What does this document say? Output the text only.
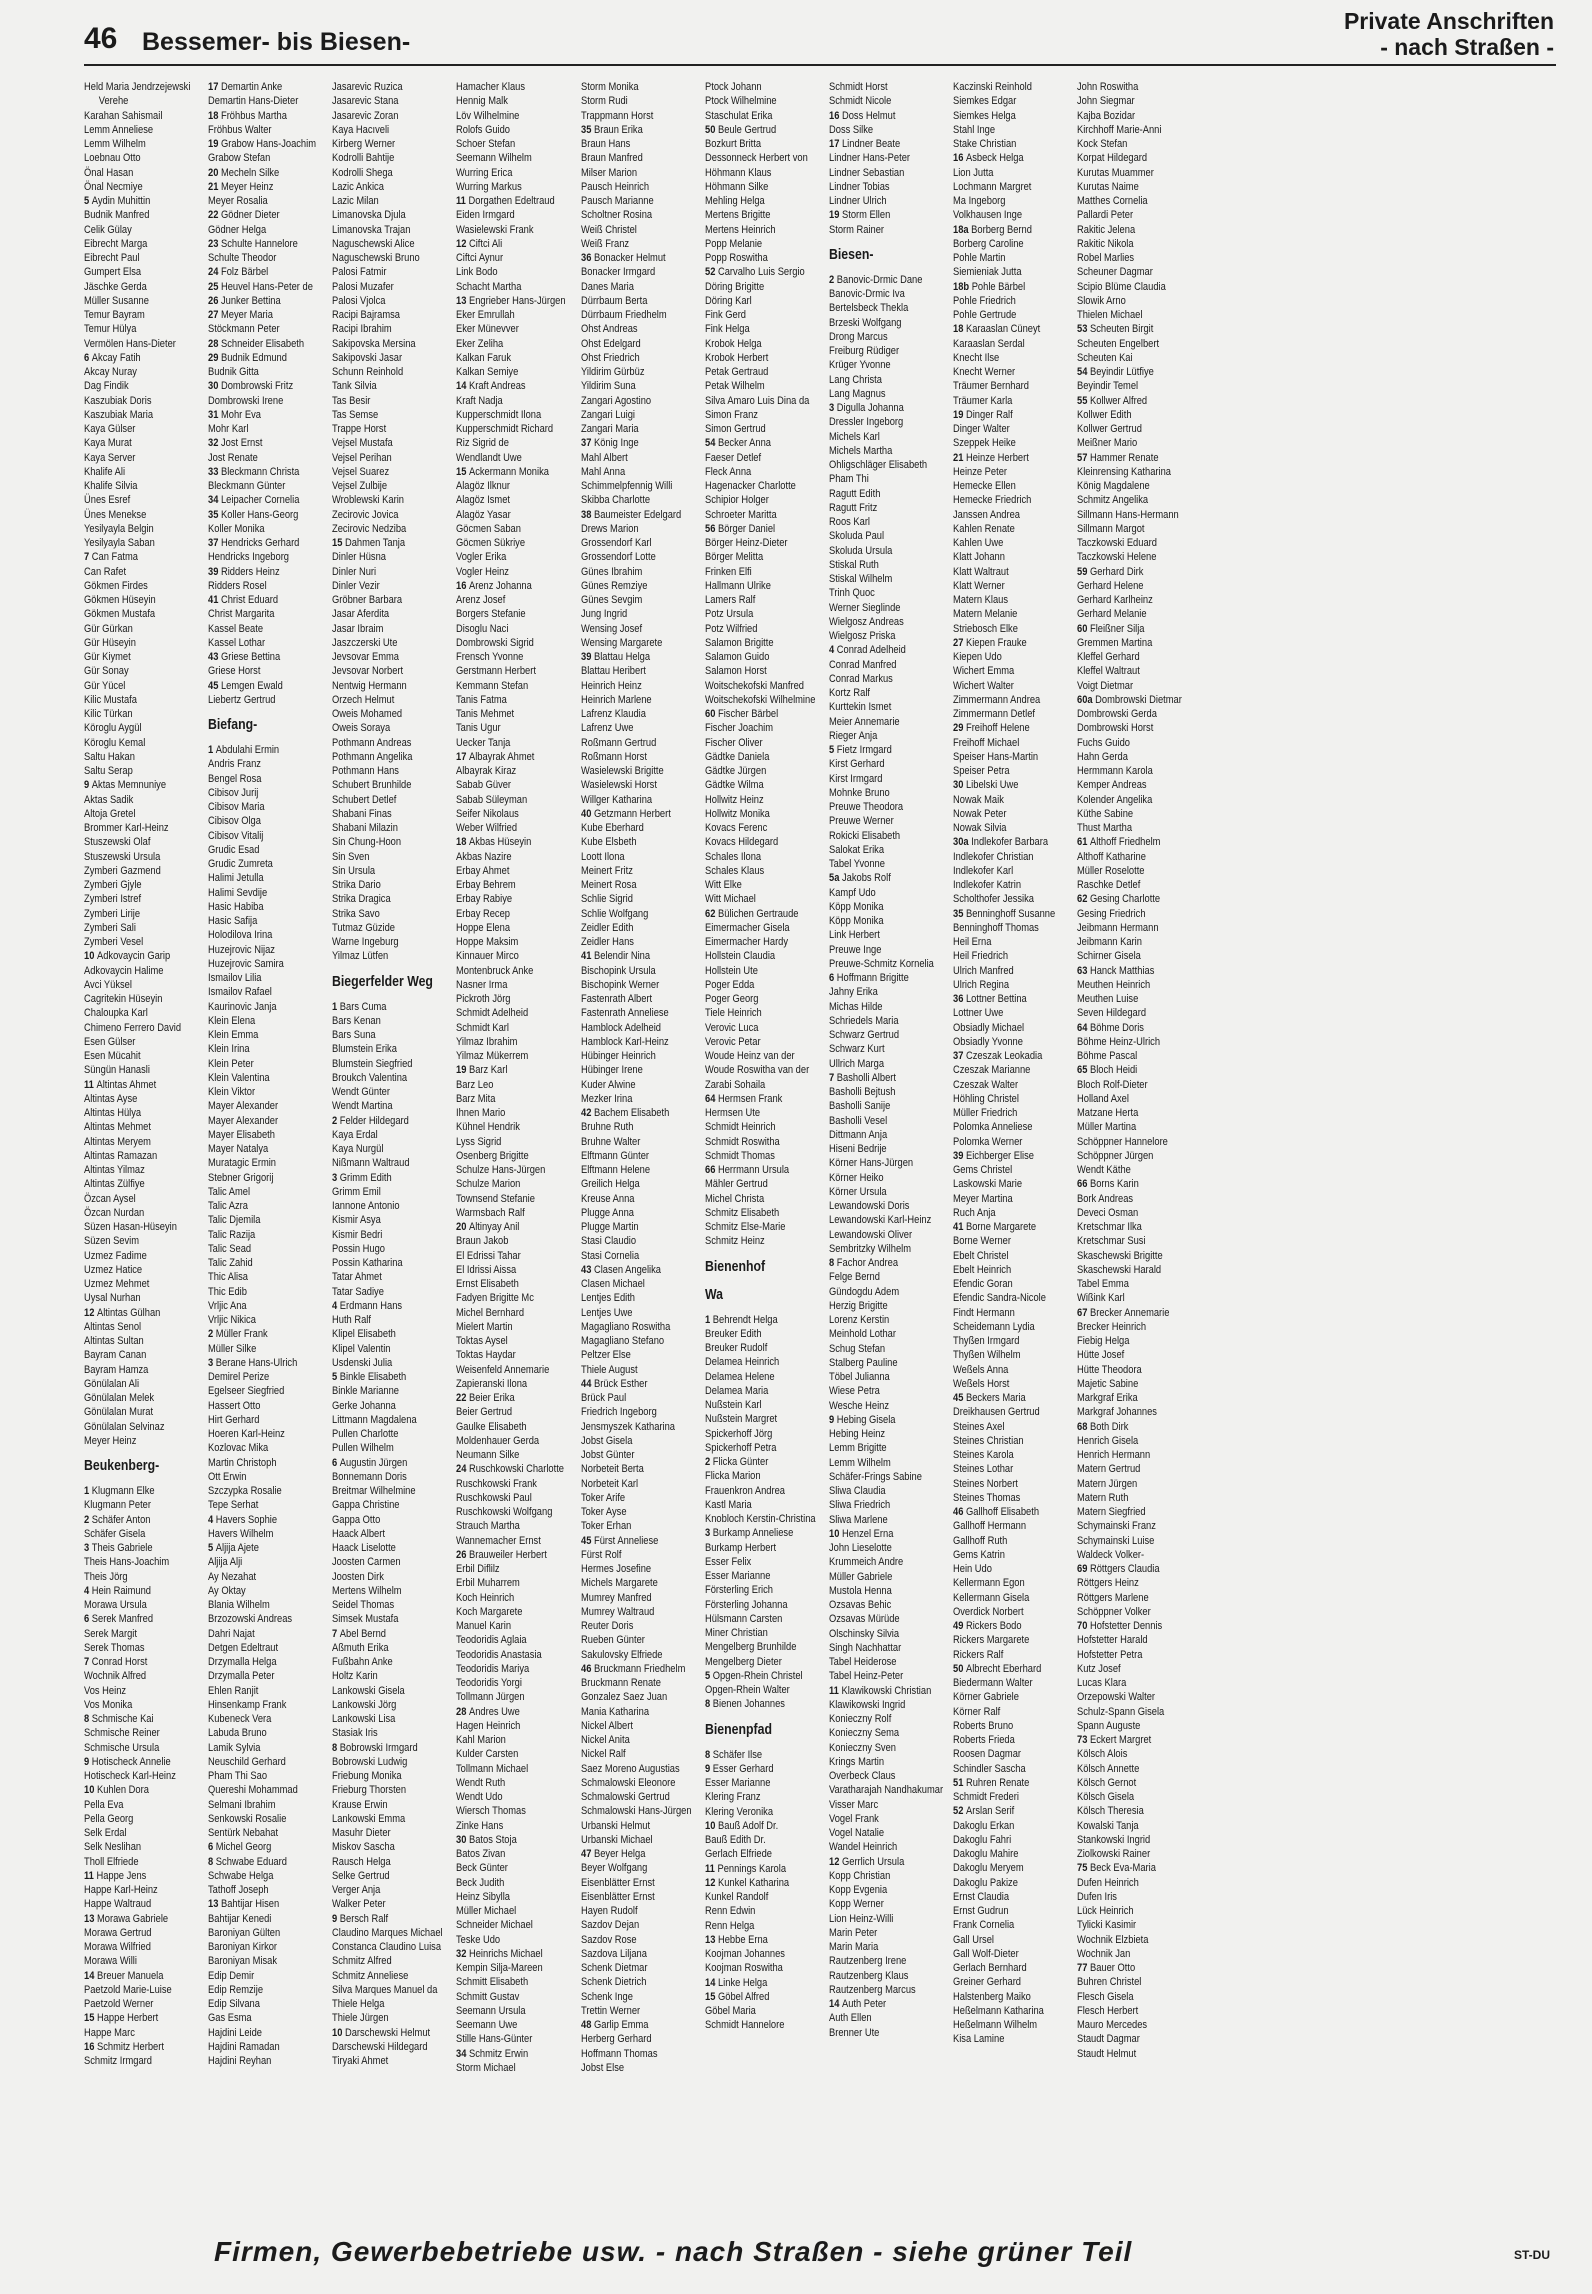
46 Bessemer- bis Biesen-
Private Anschriften
- nach Straßen -
Held Maria Jendrzejewski
Verehe
Karahan Sahismail
Lemm Anneliese
Lemm Wilhelm
Loebnau Otto
Önal Hasan
Önal Necmiye
5 Aydin Muhittin
Budnik Manfred
Celik Gülay
Eibrecht Marga
Eibrecht Paul
Gumpert Elsa
Jäschke Gerda
Müller Susanne
Temur Bayram
Temur Hülya
Vermölen Hans-Dieter
6 Akcay Fatih
Akcay Nuray
Dag Findik
Kaszubiak Doris
Kaszubiak Maria
Kaya Gülser
Kaya Murat
Kaya Server
Khalife Ali
Khalife Silvia
Ünes Esref
Ünes Menekse
Yesilyayla Belgin
Yesilyayla Saban
7 Can Fatma
Can Rafet
Gökmen Firdes
Gökmen Hüseyin
Gökmen Mustafa
Gür Gürkan
Gür Hüseyin
Gür Kiymet
Gür Sonay
Gür Yücel
Kilic Mustafa
Kilic Türkan
Köroglu Aygül
Köroglu Kemal
Saltu Hakan
Saltu Serap
9 Aktas Memnuniye
Aktas Sadik
Altoja Gretel
Brommer Karl-Heinz
Stuszewski Olaf
Stuszewski Ursula
Zymberi Gazmend
Zymberi Gjyle
Zymberi Istref
Zymberi Lirije
Zymberi Sali
Zymberi Vesel
10 Adkovaycin Garip
Adkovaycin Halime
Avci Yüksel
Cagritekin Hüseyin
Chaloupka Karl
Chimeno Ferrero David
Esen Gülser
Esen Mücahit
Süngün Hanasli
11 Altintas Ahmet
Altintas Ayse
Altintas Hülya
Altintas Mehmet
Altintas Meryem
Altintas Ramazan
Altintas Yilmaz
Altintas Zülfiye
Özcan Aysel
Özcan Nurdan
Süzen Hasan-Hüseyin
Süzen Sevim
Uzmez Fadime
Uzmez Hatice
Uzmez Mehmet
Uysal Nurhan
12 Altintas Gülhan
Altintas Senol
Altintas Sultan
Bayram Canan
Bayram Hamza
Gönülalan Ali
Gönülalan Melek
Gönülalan Murat
Gönülalan Selvinaz
Meyer Heinz
Beukenberg-
1 Klugmann Elke
Klugmann Peter
2 Schäfer Anton
Schäfer Gisela
3 Theis Gabriele
Theis Hans-Joachim
Theis Jörg
4 Hein Raimund
Morawa Ursula
6 Serek Manfred
Serek Margit
Serek Thomas
7 Conrad Horst
Wochnik Alfred
Vos Heinz
Vos Monika
8 Schmische Kai
Schmische Reiner
Schmische Ursula
9 Hotischeck Annelie
Hotischeck Karl-Heinz
10 Kuhlen Dora
Pella Eva
Pella Georg
Selk Erdal
Selk Neslihan
Tholl Elfriede
11 Happe Jens
Happe Karl-Heinz
Happe Waltraud
13 Morawa Gabriele
Morawa Gertrud
Morawa Wilfried
Morawa Willi
14 Breuer Manuela
Paetzold Marie-Luise
Paetzold Werner
15 Happe Herbert
Happe Marc
16 Schmitz Herbert
Schmitz Irmgard
17 Demartin Anke
Demartin Hans-Dieter
18 Fröhbus Martha
Fröhbus Walter
19 Grabow Hans-Joachim
Grabow Stefan
20 Mecheln Silke
21 Meyer Heinz
Meyer Rosalia
22 Gödner Dieter
Gödner Helga
23 Schulte Hannelore
Schulte Theodor
24 Folz Bärbel
25 Heuvel Hans-Peter de
26 Junker Bettina
27 Meyer Maria
Stöckmann Peter
28 Schneider Elisabeth
29 Budnik Edmund
Budnik Gitta
30 Dombrowski Fritz
Dombrowski Irene
31 Mohr Eva
Mohr Karl
32 Jost Ernst
Jost Renate
33 Bleckmann Christa
Bleckmann Günter
34 Leipacher Cornelia
35 Koller Hans-Georg
Koller Monika
37 Hendricks Gerhard
Hendricks Ingeborg
39 Ridders Heinz
Ridders Rosel
41 Christ Eduard
Christ Margarita
Kassel Beate
Kassel Lothar
43 Griese Bettina
Griese Horst
45 Lemgen Ewald
Liebertz Gertrud
Biefang-
1 Abdulahi Ermin
Andris Franz
Bengel Rosa
Cibisov Jurij
Cibisov Maria
Cibisov Olga
Cibisov Vitalij
Grudic Esad
Grudic Zumreta
Halimi Jetulla
Halimi Sevdije
Hasic Habiba
Hasic Safija
Holodilova Irina
Huzejrovic Nijaz
Huzejrovic Samira
Ismailov Lilia
Ismailov Rafael
Kaurinovic Janja
Klein Elena
Klein Emma
Klein Irina
Klein Peter
Klein Valentina
Klein Viktor
Mayer Alexander
Mayer Alexander
Mayer Elisabeth
Mayer Natalya
Muratagic Ermin
Stebner Grigorij
Talic Amel
Talic Azra
Talic Djemila
Talic Razija
Talic Sead
Talic Zahid
Thic Alisa
Thic Edib
Vrljic Ana
Vrljic Nikica
2 Müller Frank
Müller Silke
3 Berane Hans-Ulrich
Demirel Perize
Egelseer Siegfried
Hassert Otto
Hirt Gerhard
Hoeren Karl-Heinz
Kozlovac Mika
Martin Christoph
Ott Erwin
Szczypka Rosalie
Tepe Serhat
4 Havers Sophie
Havers Wilhelm
5 Aljija Ajete
Aljija Alji
Ay Nezahat
Ay Oktay
Blania Wilhelm
Brzozowski Andreas
Dahri Najat
Detgen Edeltraut
Drzymalla Helga
Drzymalla Peter
Ehlen Ranjit
Hinsenkamp Frank
Kubeneck Vera
Labuda Bruno
Lamik Sylvia
Neuschild Gerhard
Pham Thi Sao
Quereshi Mohammad
Selmani Ibrahim
Senkowski Rosalie
Sentürk Nebahat
6 Michel Georg
8 Schwabe Eduard
Schwabe Helga
Tathoff Joseph
13 Bahtijar Hisen
Bahtijar Kenedi
Baroniyan Gülten
Baroniyan Kirkor
Baroniyan Misak
Edip Demir
Edip Remzije
Edip Silvana
Gas Esma
Hajdini Leide
Hajdini Ramadan
Hajdini Reyhan
Jasarevic Ruzica
Jasarevic Stana
Jasarevic Zoran
Kaya Hacıveli
Kirberg Werner
Kodrolli Bahtije
Kodrolli Shega
Lazic Ankica
Lazic Milan
Limanovska Djula
Limanovska Trajan
Naguschewski Alice
Naguschewski Bruno
Palosi Fatmir
Palosi Muzafer
Palosi Vjolca
Racipi Bajramsa
Racipi Ibrahim
Sakipovska Mersina
Sakipovski Jasar
Schunn Reinhold
Tank Silvia
Tas Besir
Tas Semse
Trappe Horst
Vejsel Mustafa
Vejsel Perihan
Vejsel Suarez
Vejsel Zulbije
Wroblewski Karin
Zecirovic Jovica
Zecirovic Nedziba
15 Dahmen Tanja
Dinler Hüsna
Dinler Nuri
Dinler Vezir
Gröbner Barbara
Jasar Aferdita
Jasar Ibraim
Jaszczerski Ute
Jevsovar Emma
Jevsovar Norbert
Nentwig Hermann
Orzech Helmut
Oweis Mohamed
Oweis Soraya
Pothmann Andreas
Pothmann Angelika
Pothmann Hans
Schubert Brunhilde
Schubert Detlef
Shabani Finas
Shabani Milazin
Sin Chung-Hoon
Sin Sven
Sin Ursula
Strika Dario
Strika Dragica
Strika Savo
Tutmaz Güzide
Warne Ingeburg
Yilmaz Lütfen
Biegerfelder Weg
1 Bars Cuma
Bars Kenan
Bars Suna
Blumstein Erika
Blumstein Siegfried
Broukch Valentina
Wendt Günter
Wendt Martina
2 Felder Hildegard
Kaya Erdal
Kaya Nurgül
Nißmann Waltraud
3 Grimm Edith
Grimm Emil
Iannone Antonio
Kismir Asya
Kismir Bedri
Possin Hugo
Possin Katharina
Tatar Ahmet
Tatar Sadiye
4 Erdmann Hans
Huth Ralf
Klipel Elisabeth
Klipel Valentin
Usdenski Julia
5 Binkle Elisabeth
Binkle Marianne
Gerke Johanna
Littmann Magdalena
Pullen Charlotte
Pullen Wilhelm
6 Augustin Jürgen
Bonnemann Doris
Breitmar Wilhelmine
Gappa Christine
Gappa Otto
Haack Albert
Haack Liselotte
Joosten Carmen
Joosten Dirk
Mertens Wilhelm
Seidel Thomas
Simsek Mustafa
7 Abel Bernd
Aßmuth Erika
Fußbahn Anke
Holtz Karin
Lankowski Gisela
Lankowski Jörg
Lankowski Lisa
Stasiak Iris
8 Bobrowski Irmgard
Bobrowski Ludwig
Friebung Monika
Frieburg Thorsten
Krause Erwin
Lankowski Emma
Masuhr Dieter
Miskov Sascha
Rausch Helga
Selke Gertrud
Verger Anja
Walker Peter
9 Bersch Ralf
Claudino Marques Michael
Constanca Claudino Luisa
Schmitz Alfred
Schmitz Anneliese
Silva Marques Manuel da
Thiele Helga
Thiele Jürgen
10 Darschewski Helmut
Darschewski Hildegard
Tiryaki Ahmet
Hamacher Klaus
Hennig Malk
Löv Wilhelmine
Rolofs Guido
Schoer Stefan
Seemann Wilhelm
Wurring Erica
Wurring Markus
11 Dorgathen Edeltraud
Eiden Irmgard
Wasielewski Frank
12 Ciftci Ali
Ciftci Aynur
Link Bodo
Schacht Martha
13 Engrieber Hans-Jürgen
Eker Emrullah
Eker Münevver
Eker Zeliha
Kalkan Faruk
Kalkan Semiye
14 Kraft Andreas
Kraft Nadja
Kupperschmidt Ilona
Kupperschmidt Richard
Riz Sigrid de
Wendlandt Uwe
15 Ackermann Monika
Alagöz Ilknur
Alagöz Ismet
Alagöz Yasar
Göcmen Saban
Göcmen Sükriye
Vogler Erika
Vogler Heinz
16 Arenz Johanna
Arenz Josef
Borgers Stefanie
Disoglu Naci
Dombrowski Sigrid
Frensch Yvonne
Gerstmann Herbert
Kemmann Stefan
Tanis Fatma
Tanis Mehmet
Tanis Ugur
Uecker Tanja
17 Albayrak Ahmet
Albayrak Kiraz
Sabab Güver
Sabab Süleyman
Seifer Nikolaus
Weber Wilfried
18 Akbas Hüseyin
Akbas Nazire
Erbay Ahmet
Erbay Behrem
Erbay Rabiye
Erbay Recep
Hoppe Elena
Hoppe Maksim
Kinnauer Mirco
Montenbruck Anke
Nasner Irma
Pickroth Jörg
Schmidt Adelheid
Schmidt Karl
Yilmaz Ibrahim
Yilmaz Mükerrem
19 Barz Karl
Barz Leo
Barz Mita
Ihnen Mario
Kühnel Hendrik
Lyss Sigrid
Osenberg Brigitte
Schulze Hans-Jürgen
Schulze Marion
Townsend Stefanie
Warmsbach Ralf
20 Altinyay Anil
Braun Jakob
El Edrissi Tahar
El Idrissi Aissa
Ernst Elisabeth
Fadyen Brigitte Mc
Michel Bernhard
Mielert Martin
Toktas Aysel
Toktas Haydar
Weisenfeld Annemarie
Zapieranski Ilona
22 Beier Erika
Beier Gertrud
Gaulke Elisabeth
Moldenhauer Gerda
Neumann Silke
24 Ruschkowski Charlotte
Ruschkowski Frank
Ruschkowski Paul
Ruschkowski Wolfgang
Strauch Martha
Wannemacher Ernst
26 Brauweiler Herbert
Erbil Diflilz
Erbil Muharrem
Koch Heinrich
Koch Margarete
Manuel Karin
Teodoridis Aglaia
Teodoridis Anastasia
Teodoridis Mariya
Teodoridis Yorgi
Tollmann Jürgen
28 Andres Uwe
Hagen Heinrich
Kahl Marion
Kulder Carsten
Tollmann Michael
Wendt Ruth
Wendt Udo
Wiersch Thomas
Zinke Hans
30 Batos Stoja
Batos Zivan
Beck Günter
Beck Judith
Heinz Sibylla
Müller Michael
Schneider Michael
Teske Udo
32 Heinrichs Michael
Kempin Silja-Mareen
Schmitt Elisabeth
Schmitt Gustav
Seemann Ursula
Seemann Uwe
Stille Hans-Günter
34 Schmitz Erwin
Storm Michael
Storm Monika
Storm Rudi
Trappmann Horst
35 Braun Erika
Braun Hans
Braun Manfred
Milser Marion
Pausch Heinrich
Pausch Marianne
Scholtner Rosina
Weiß Christel
Weiß Franz
36 Bonacker Helmut
Bonacker Irmgard
Danes Maria
Dürrbaum Berta
Dürrbaum Friedhelm
Ohst Andreas
Ohst Edelgard
Ohst Friedrich
Yildirim Gürbüz
Yildirim Suna
Zangari Agostino
Zangari Luigi
Zangari Maria
37 König Inge
Mahl Albert
Mahl Anna
Schimmelpfennig Willi
Skibba Charlotte
38 Baumeister Edelgard
Drews Marion
Grossendorf Karl
Grossendorf Lotte
Günes Ibrahim
Günes Remziye
Günes Sevgim
Jung Ingrid
Wensing Josef
Wensing Margarete
39 Blattau Helga
Blattau Heribert
Heinrich Heinz
Heinrich Marlene
Lafrenz Klaudia
Lafrenz Uwe
Roßmann Gertrud
Roßmann Horst
Wasielewski Brigitte
Wasielewski Horst
Willger Katharina
40 Getzmann Herbert
Kube Eberhard
Kube Elsbeth
Loott Ilona
Meinert Fritz
Meinert Rosa
Schlie Sigrid
Schlie Wolfgang
Zeidler Edith
Zeidler Hans
41 Belendir Nina
Bischopink Ursula
Bischopink Werner
Fastenrath Albert
Fastenrath Anneliese
Hamblock Adelheid
Hamblock Karl-Heinz
Hübinger Heinrich
Hübinger Irene
Kuder Alwine
Mezker Irina
42 Bachem Elisabeth
Bruhne Ruth
Bruhne Walter
Elftmann Günter
Elftmann Helene
Greilich Helga
Kreuse Anna
Plugge Anna
Plugge Martin
Stasi Claudio
Stasi Cornelia
43 Clasen Angelika
Clasen Michael
Lentjes Edith
Lentjes Uwe
Magagliano Roswitha
Magagliano Stefano
Peltzer Else
Thiele August
44 Brück Esther
Brück Paul
Friedrich Ingeborg
Jensmyszek Katharina
Jobst Gisela
Jobst Günter
Norbeteit Berta
Norbeteit Karl
Toker Arife
Toker Ayse
Toker Erhan
45 Fürst Anneliese
Fürst Rolf
Hermes Josefine
Michels Margarete
Mumrey Manfred
Mumrey Waltraud
Reuter Doris
Rueben Günter
Sakulovsky Elfriede
46 Bruckmann Friedhelm
Bruckmann Renate
Gonzalez Saez Juan
Mania Katharina
Nickel Albert
Nickel Anita
Nickel Ralf
Saez Moreno Augustias
Schmalowski Eleonore
Schmalowski Gertrud
Schmalowski Hans-Jürgen
Urbanski Helmut
Urbanski Michael
47 Beyer Helga
Beyer Wolfgang
Eisenblätter Ernst
Eisenblätter Ernst
Hayen Rudolf
Sazdov Dejan
Sazdov Rose
Sazdova Liljana
Schenk Dietmar
Schenk Dietrich
Schenk Inge
Trettin Werner
48 Garlip Emma
Herberg Gerhard
Hoffmann Thomas
Jobst Else
Ptock Johann
Ptock Wilhelmine
Staschulat Erika
50 Beule Gertrud
Bozkurt Britta
Dessonneck Herbert von
Höhmann Klaus
Höhmann Silke
Mehling Helga
Mertens Brigitte
Mertens Heinrich
Popp Melanie
Popp Roswitha
52 Carvalho Luis Sergio
Döring Brigitte
Döring Karl
Fink Gerd
Fink Helga
Krobok Helga
Krobok Herbert
Petak Gertraud
Petak Wilhelm
Silva Amaro Luis Dina da
Simon Franz
Simon Gertrud
54 Becker Anna
Faeser Detlef
Fleck Anna
Hagenacker Charlotte
Schipior Holger
Schroeter Maritta
56 Börger Daniel
Börger Heinz-Dieter
Börger Melitta
Frinken Elfi
Hallmann Ulrike
Lamers Ralf
Potz Ursula
Potz Wilfried
Salamon Brigitte
Salamon Guido
Salamon Horst
Woitschekofski Manfred
Woitschekofski Wilhelmine
60 Fischer Bärbel
Fischer Joachim
Fischer Oliver
Gädtke Daniela
Gädtke Jürgen
Gädtke Wilma
Hollwitz Heinz
Hollwitz Monika
Kovacs Ferenc
Kovacs Hildegard
Schales Ilona
Schales Klaus
Witt Elke
Witt Michael
62 Bülichen Gertraude
Eimermacher Gisela
Eimermacher Hardy
Hollstein Claudia
Hollstein Ute
Poger Edda
Poger Georg
Tiele Heinrich
Verovic Luca
Verovic Petar
Woude Heinz van der
Woude Roswitha van der
Zarabi Sohaila
64 Hermsen Frank
Hermsen Ute
Schmidt Heinrich
Schmidt Roswitha
Schmidt Thomas
66 Herrmann Ursula
Mähler Gertrud
Michel Christa
Schmitz Elisabeth
Schmitz Else-Marie
Schmitz Heinz
Bienenhof
Wa
1 Behrendt Helga
Breuker Edith
Breuker Rudolf
Delamea Heinrich
Delamea Helene
Delamea Maria
Nußstein Karl
Nußstein Margret
Spickerhoff Jörg
Spickerhoff Petra
2 Flicka Günter
Flicka Marion
Frauenkron Andrea
Kastl Maria
Knobloch Kerstin-Christina
3 Burkamp Anneliese
Burkamp Herbert
Esser Felix
Esser Marianne
Försterling Erich
Försterling Johanna
Hülsmann Carsten
Miner Christian
Mengelberg Brunhilde
Mengelberg Dieter
5 Opgen-Rhein Christel
Opgen-Rhein Walter
8 Bienen Johannes
Bienenpfad
8 Schäfer Ilse
9 Esser Gerhard
Esser Marianne
Klering Franz
Klering Veronika
10 Bauß Adolf Dr.
Bauß Edith Dr.
Gerlach Elfriede
11 Pennings Karola
12 Kunkel Katharina
Kunkel Randolf
Renn Edwin
Renn Helga
13 Hebbe Erna
Koojman Johannes
Koojman Roswitha
14 Linke Helga
15 Göbel Alfred
Göbel Maria
Schmidt Hannelore
Schmidt Horst
Schmidt Nicole
16 Doss Helmut
Doss Silke
17 Lindner Beate
Lindner Hans-Peter
Lindner Sebastian
Lindner Tobias
Lindner Ulrich
19 Storm Ellen
Storm Rainer
Biesen-
2 Banovic-Drmic Dane
Banovic-Drmic Iva
Bertelsbeck Thekla
Brzeski Wolfgang
Drong Marcus
Freiburg Rüdiger
Krüger Yvonne
Lang Christa
Lang Magnus
3 Digulla Johanna
Dressler Ingeborg
Michels Karl
Michels Martha
Ohligschläger Elisabeth
Pham Thi
Ragutt Edith
Ragutt Fritz
Roos Karl
Skoluda Paul
Skoluda Ursula
Stiskal Ruth
Stiskal Wilhelm
Trinh Quoc
Werner Sieglinde
Wielgosz Andreas
Wielgosz Priska
4 Conrad Adelheid
Conrad Manfred
Conrad Markus
Kortz Ralf
Kurttekin Ismet
Meier Annemarie
Rieger Anja
5 Fietz Irmgard
Kirst Gerhard
Kirst Irmgard
Mohnke Bruno
Preuwe Theodora
Preuwe Werner
Rokicki Elisabeth
Salokat Erika
Tabel Yvonne
5a Jakobs Rolf
Kampf Udo
Köpp Monika
Köpp Monika
Link Herbert
Preuwe Inge
Preuwe-Schmitz Kornelia
6 Hoffmann Brigitte
Jahny Erika
Michas Hilde
Schriedels Maria
Schwarz Gertrud
Schwarz Kurt
Ullrich Marga
7 Basholli Albert
Basholli Bejtush
Basholli Sanije
Basholli Vesel
Dittmann Anja
Hiseni Bedrije
Körner Hans-Jürgen
Körner Heiko
Körner Ursula
Lewandowski Doris
Lewandowski Karl-Heinz
Lewandowski Oliver
Sembritzky Wilhelm
8 Fachor Andrea
Felge Bernd
Gündogdu Adem
Herzig Brigitte
Lorenz Kerstin
Meinhold Lothar
Schug Stefan
Stalberg Pauline
Töbel Julianna
Wiese Petra
Wesche Heinz
9 Hebing Gisela
Hebing Heinz
Lemm Brigitte
Lemm Wilhelm
Schäfer-Frings Sabine
Sliwa Claudia
Sliwa Friedrich
Sliwa Marlene
10 Henzel Erna
John Lieselotte
Krummeich Andre
Müller Gabriele
Mustola Henna
Ozsavas Behic
Ozsavas Mürüde
Olschinsky Silvia
Singh Nachhattar
Tabel Heiderose
Tabel Heinz-Peter
11 Klawikowski Christian
Klawikowski Ingrid
Konieczny Rolf
Konieczny Sema
Konieczny Sven
Krings Martin
Overbeck Claus
Varatharajah Nandhakumar
Visser Marc
Vogel Frank
Vogel Natalie
Wandel Heinrich
12 Gerrlich Ursula
Kopp Christian
Kopp Evgenia
Kopp Werner
Lion Heinz-Willi
Marin Peter
Marin Maria
Rautzenberg Irene
Rautzenberg Klaus
Rautzenberg Marcus
14 Auth Peter
Auth Ellen
Brenner Ute
Kaczinski Reinhold
Siemkes Edgar
Siemkes Helga
Stahl Inge
Stake Christian
16 Asbeck Helga
Lion Jutta
Lochmann Margret
Ma Ingeborg
Volkhausen Inge
18a Borberg Bernd
Borberg Caroline
Pohle Martin
Siemieniak Jutta
18b Pohle Bärbel
Pohle Friedrich
Pohle Gertrude
18 Karaaslan Cüneyt
Karaaslan Serdal
Knecht Ilse
Knecht Werner
Träumer Bernhard
Träumer Karla
19 Dinger Ralf
Dinger Walter
Szeppek Heike
21 Heinze Herbert
Heinze Peter
Hemecke Ellen
Hemecke Friedrich
Janssen Andrea
Kahlen Renate
Kahlen Uwe
Klatt Johann
Klatt Waltraut
Klatt Werner
Matern Klaus
Matern Melanie
Striebosch Elke
27 Kiepen Frauke
Kiepen Udo
Wichert Emma
Wichert Walter
Zimmermann Andrea
Zimmermann Detlef
29 Freihoff Helene
Freihoff Michael
Speiser Hans-Martin
Speiser Petra
30 Libelski Uwe
Nowak Maik
Nowak Peter
Nowak Silvia
30a Indlekofer Barbara
Indlekofer Christian
Indlekofer Karl
Indlekofer Katrin
Scholthofer Jessika
35 Benninghoff Susanne
Benninghoff Thomas
Heil Erna
Heil Friedrich
Ulrich Manfred
Ulrich Regina
36 Lottner Bettina
Lottner Uwe
Obsiadly Michael
Obsiadly Yvonne
37 Czeszak Leokadia
Czeszak Marianne
Czeszak Walter
Höhling Christel
Müller Friedrich
Polomka Anneliese
Polomka Werner
39 Eichberger Elise
Gems Christel
Laskowski Marie
Meyer Martina
Ruch Anja
41 Borne Margarete
Borne Werner
Ebelt Christel
Ebelt Heinrich
Efendic Goran
Efendic Sandra-Nicole
Findt Hermann
Scheidemann Lydia
Thyßen Irmgard
Thyßen Wilhelm
Weßels Anna
Weßels Horst
45 Beckers Maria
Dreikhausen Gertrud
Steines Axel
Steines Christian
Steines Karola
Steines Lothar
Steines Norbert
Steines Thomas
46 Gallhoff Elisabeth
Gallhoff Hermann
Gallhoff Ruth
Gems Katrin
Hein Udo
Kellermann Egon
Kellermann Gisela
Overdick Norbert
49 Rickers Bodo
Rickers Margarete
Rickers Ralf
50 Albrecht Eberhard
Biedermann Walter
Körner Gabriele
Körner Ralf
Roberts Bruno
Roberts Frieda
Roosen Dagmar
Schindler Sascha
51 Ruhren Renate
Schmidt Frederi
52 Arslan Serif
Dakoglu Erkan
Dakoglu Fahri
Dakoglu Mahire
Dakoglu Meryem
Dakoglu Pakize
Ernst Claudia
Ernst Gudrun
Frank Cornelia
Gall Ursel
Gall Wolf-Dieter
Gerlach Bernhard
Greiner Gerhard
Halstenberg Maiko
Heßelmann Katharina
Heßelmann Wilhelm
Kisa Lamine
John Roswitha
John Siegmar
Kajba Bozidar
Kirchhoff Marie-Anni
Kock Stefan
Korpat Hildegard
Kurutas Muammer
Kurutas Naime
Matthes Cornelia
Pallardi Peter
Rakitic Jelena
Rakitic Nikola
Robel Marlies
Scheuner Dagmar
Scipio Blüme Claudia
Slowik Arno
Thielen Michael
53 Scheuten Birgit
Scheuten Engelbert
Scheuten Kai
54 Beyindir Lütfiye
Beyindir Temel
55 Kollwer Alfred
Kollwer Edith
Kollwer Gertrud
Meißner Mario
57 Hammer Renate
Kleinrensing Katharina
König Magdalene
Schmitz Angelika
Sillmann Hans-Hermann
Sillmann Margot
Taczkowski Eduard
Taczkowski Helene
59 Gerhard Dirk
Gerhard Helene
Gerhard Karlheinz
Gerhard Melanie
60 Fleißner Silja
Gremmen Martina
Kleffel Gerhard
Kleffel Waltraut
Voigt Dietmar
60a Dombrowski Dietmar
Dombrowski Gerda
Dombrowski Horst
Fuchs Guido
Hahn Gerda
Hermmann Karola
Kemper Andreas
Kolender Angelika
Küthe Sabine
Thust Martha
61 Althoff Friedhelm
Althoff Katharine
Müller Roselotte
Raschke Detlef
62 Gesing Charlotte
Gesing Friedrich
Jeibmann Hermann
Jeibmann Karin
Schirner Gisela
63 Hanck Matthias
Meuthen Heinrich
Meuthen Luise
Seven Hildegard
64 Böhme Doris
Böhme Heinz-Ulrich
Böhme Pascal
65 Bloch Heidi
Bloch Rolf-Dieter
Holland Axel
Matzane Herta
Müller Martina
Schöppner Hannelore
Schöppner Jürgen
Wendt Käthe
66 Borns Karin
Bork Andreas
Deveci Osman
Kretschmar Ilka
Kretschmar Susi
Skaschewski Brigitte
Skaschewski Harald
Tabel Emma
Wißink Karl
67 Brecker Annemarie
Brecker Heinrich
Fiebig Helga
Hütte Josef
Hütte Theodora
Majetic Sabine
Markgraf Erika
Markgraf Johannes
68 Both Dirk
Henrich Gisela
Henrich Hermann
Matern Gertrud
Matern Jürgen
Matern Ruth
Matern Siegfried
Schymainski Franz
Schymainski Luise
Waldeck Volker-
69 Röttgers Claudia
Röttgers Heinz
Röttgers Marlene
Schöppner Volker
70 Hofstetter Dennis
Hofstetter Harald
Hofstetter Petra
Kutz Josef
Lucas Klara
Orzepowski Walter
Schulz-Spann Gisela
Spann Auguste
73 Eckert Margret
Kölsch Alois
Kölsch Annette
Kölsch Gernot
Kölsch Gisela
Kölsch Theresia
Kowalski Tanja
Stankowski Ingrid
Ziolkowski Rainer
75 Beck Eva-Maria
Dufen Heinrich
Dufen Iris
Lück Heinrich
Tylicki Kasimir
Wochnik Elzbieta
Wochnik Jan
77 Bauer Otto
Buhren Christel
Flesch Gisela
Flesch Herbert
Mauro Mercedes
Staudt Dagmar
Staudt Helmut
Firmen, Gewerbebetriebe usw. - nach Straßen - siehe grüner Teil	ST-DU
